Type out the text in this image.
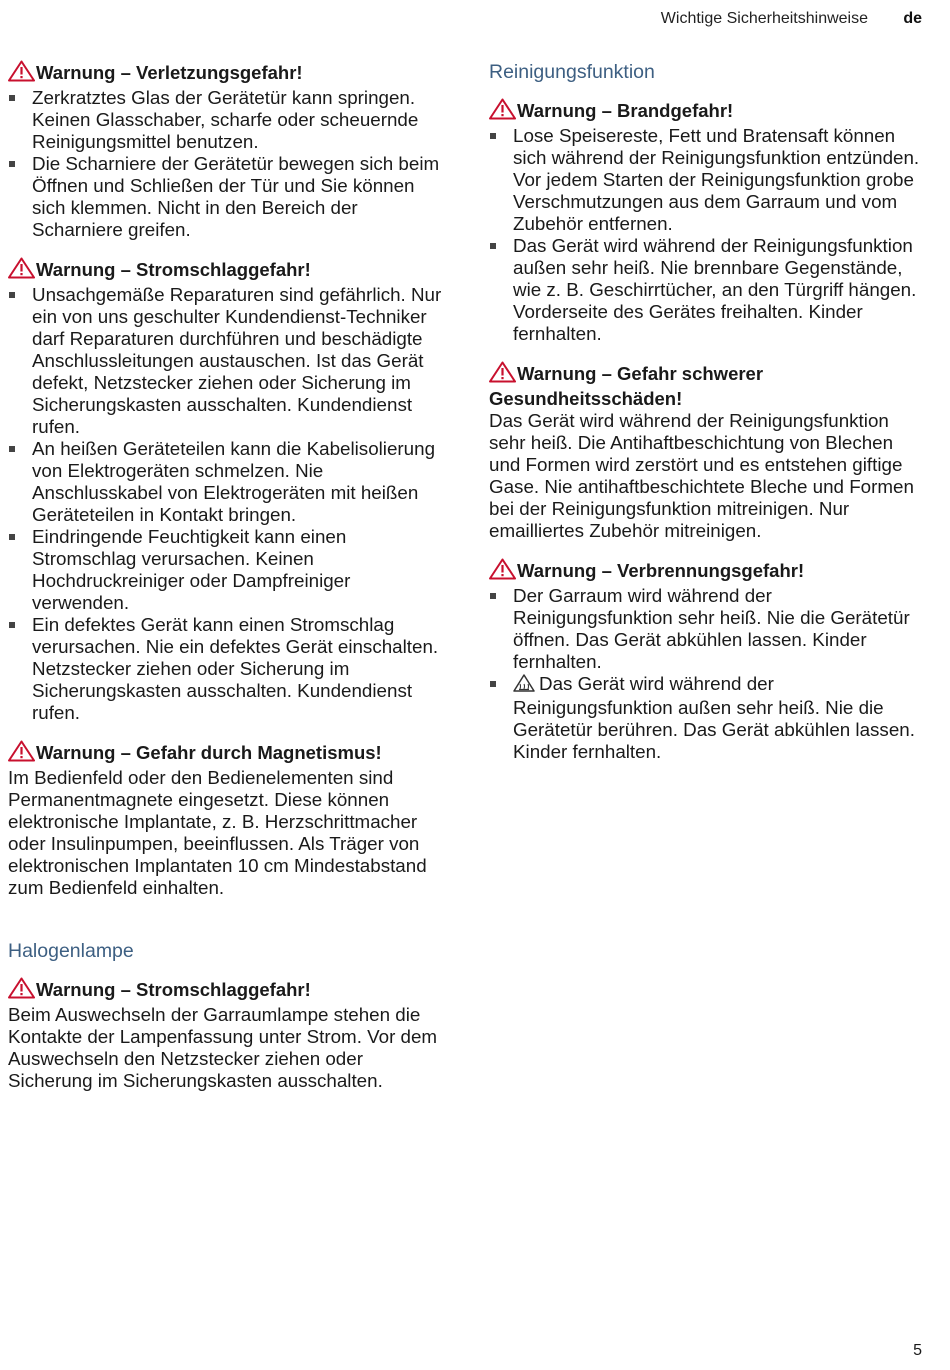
Wichtige Sicherheitshinweise de
Warnung – Verletzungsgefahr!
Zerkratztes Glas der Gerätetür kann springen. Keinen Glasschaber, scharfe oder scheuernde Reinigungsmittel benutzen.
Die Scharniere der Gerätetür bewegen sich beim Öffnen und Schließen der Tür und Sie können sich klemmen. Nicht in den Bereich der Scharniere greifen.
Warnung – Stromschlaggefahr!
Unsachgemäße Reparaturen sind gefährlich. Nur ein von uns geschulter Kundendienst-Techniker darf Reparaturen durchführen und beschädigte Anschlussleitungen austauschen. Ist das Gerät defekt, Netzstecker ziehen oder Sicherung im Sicherungskasten ausschalten. Kundendienst rufen.
An heißen Geräteteilen kann die Kabelisolierung von Elektrogeräten schmelzen. Nie Anschlusskabel von Elektrogeräten mit heißen Geräteteilen in Kontakt bringen.
Eindringende Feuchtigkeit kann einen Stromschlag verursachen. Keinen Hochdruckreiniger oder Dampfreiniger verwenden.
Ein defektes Gerät kann einen Stromschlag verursachen. Nie ein defektes Gerät einschalten. Netzstecker ziehen oder Sicherung im Sicherungskasten ausschalten. Kundendienst rufen.
Warnung – Gefahr durch Magnetismus!

Im Bedienfeld oder den Bedienelementen sind Permanentmagnete eingesetzt. Diese können elektronische Implantate, z. B. Herzschrittmacher oder Insulinpumpen, beeinflussen. Als Träger von elektronischen Implantaten 10 cm Mindestabstand zum Bedienfeld einhalten.

Halogenlampe
Warnung – Stromschlaggefahr!

Beim Auswechseln der Garraumlampe stehen die Kontakte der Lampenfassung unter Strom. Vor dem Auswechseln den Netzstecker ziehen oder Sicherung im Sicherungskasten ausschalten.

Reinigungsfunktion
Warnung – Brandgefahr!
Lose Speisereste, Fett und Bratensaft können sich während der Reinigungsfunktion entzünden. Vor jedem Starten der Reinigungsfunktion grobe Verschmutzungen aus dem Garraum und vom Zubehör entfernen.
Das Gerät wird während der Reinigungsfunktion außen sehr heiß. Nie brennbare Gegenstände, wie z. B. Geschirrtücher, an den Türgriff hängen. Vorderseite des Gerätes freihalten. Kinder fernhalten.
Warnung – Gefahr schwerer
Gesundheitsschäden!

Das Gerät wird während der Reinigungsfunktion sehr heiß. Die Antihaftbeschichtung von Blechen und Formen wird zerstört und es entstehen giftige Gase. Nie antihaftbeschichtete Bleche und Formen bei der Reinigungsfunktion mitreinigen. Nur emailliertes Zubehör mitreinigen.

Warnung – Verbrennungsgefahr!
Der Garraum wird während der Reinigungsfunktion sehr heiß. Nie die Gerätetür öffnen. Das Gerät abkühlen lassen. Kinder fernhalten.
Das Gerät wird während der Reinigungsfunktion außen sehr heiß. Nie die Gerätetür berühren. Das Gerät abkühlen lassen. Kinder fernhalten.
5
